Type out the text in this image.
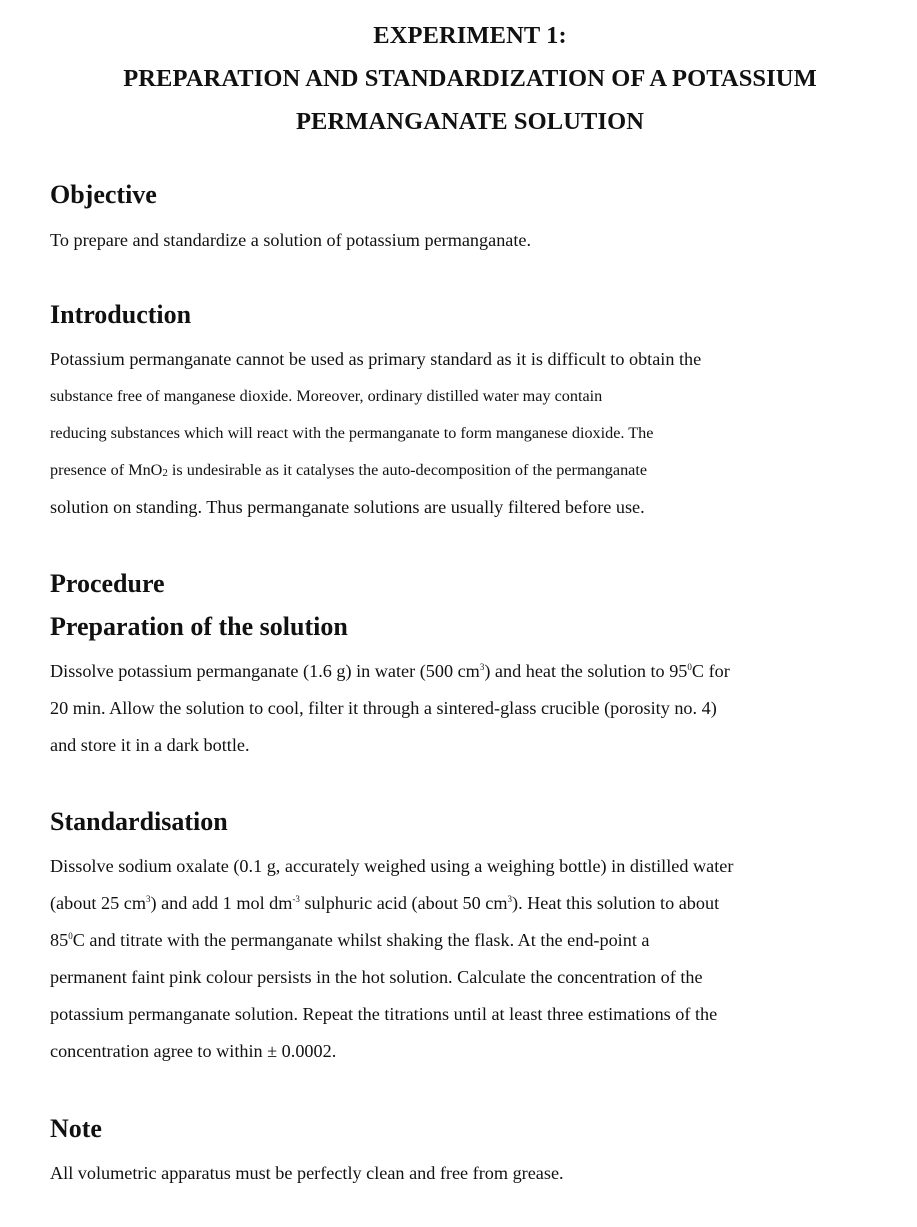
EXPERIMENT 1:
PREPARATION AND STANDARDIZATION OF A POTASSIUM
PERMANGANATE SOLUTION
Objective
To prepare and standardize a solution of potassium permanganate.
Introduction
Potassium permanganate cannot be used as primary standard as it is difficult to obtain the
substance free of manganese dioxide. Moreover, ordinary distilled water may contain
reducing substances which will react with the permanganate to form manganese dioxide. The
presence of MnO$_2$ is undesirable as it catalyses the auto-decomposition of the permanganate
solution on standing. Thus permanganate solutions are usually filtered before use.
Procedure
Preparation of the solution
Dissolve potassium permanganate (1.6 g) in water (500 $cm^3$) and heat the solution to $95^0C$ for
20 min. Allow the solution to cool, filter it through a sintered-glass crucible (porosity no. 4)
and store it in a dark bottle.
Standardisation
Dissolve sodium oxalate (0.1 g, accurately weighed using a weighing bottle) in distilled water
(about 25 $cm^3$) and add 1 mol $dm^{-3}$ sulphuric acid (about 50 $cm^3$). Heat this solution to about
$85^0C$ and titrate with the permanganate whilst shaking the flask. At the end-point a
permanent faint pink colour persists in the hot solution. Calculate the concentration of the
potassium permanganate solution. Repeat the titrations until at least three estimations of the
concentration agree to within ± 0.0002.
Note
All volumetric apparatus must be perfectly clean and free from grease.
